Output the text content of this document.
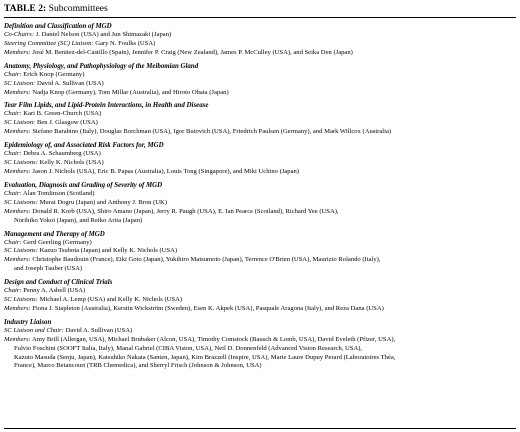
TABLE 2: Subcommittees
Definition and Classification of MGD
Co-Chairs: J. Daniel Nelson (USA) and Jun Shimazaki (Japan)
Steering Committee (SC) Liaison: Gary N. Foulks (USA)
Members: José M. Benitez-del-Castillo (Spain), Jennifer P. Craig (New Zealand), James P. McCulley (USA), and Seika Den (Japan)
Anatomy, Physiology, and Pathophysiology of the Meibomian Gland
Chair: Erich Knop (Germany)
SC Liaison: David A. Sullivan (USA)
Members: Nadja Knop (Germany), Tom Millar (Australia), and Hiroto Obata (Japan)
Tear Film Lipids, and Lipid-Protein Interactions, in Health and Disease
Chair: Kari B. Green-Church (USA)
SC Liaison: Ben J. Glasgow (USA)
Members: Stefano Barabino (Italy), Douglas Borchman (USA), Igor Butovich (USA), Friedrich Paulsen (Germany), and Mark Willcox (Australia)
Epidemiology of, and Associated Risk Factors for, MGD
Chair: Debra A. Schaumberg (USA)
SC Liaisons: Kelly K. Nichols (USA)
Members: Jason J. Nichols (USA), Eric B. Papas (Australia), Louis Tong (Singapore), and Miki Uchino (Japan)
Evaluation, Diagnosis and Grading of Severity of MGD
Chair: Alan Tomlinson (Scotland)
SC Liaisons: Murat Dogru (Japan) and Anthony J. Bron (UK)
Members: Donald R. Korb (USA), Shiro Amano (Japan), Jerry R. Paugh (USA), E. Ian Pearce (Scotland), Richard Yee (USA),
Norihiko Yokoi (Japan), and Reiko Arita (Japan)
Management and Therapy of MGD
Chair: Gerd Geerling (Germany)
SC Liaisons: Kazuo Tsubota (Japan) and Kelly K. Nichols (USA)
Members: Christophe Baudouin (France), Eiki Goto (Japan), Yukihiro Matsumoto (Japan), Terrence O'Brien (USA), Maurizio Rolando (Italy),
and Joseph Tauber (USA)
Design and Conduct of Clinical Trials
Chair: Penny A. Asbell (USA)
SC Liaisons: Michael A. Lemp (USA) and Kelly K. Nichols (USA)
Members: Fiona J. Stapleton (Australia), Kerstin Wickström (Sweden), Esen K. Akpek (USA), Pasquale Aragona (Italy), and Reza Dana (USA)
Industry Liaison
SC Liaison and Chair: David A. Sullivan (USA)
Members: Amy Brill (Allergan, USA), Michael Brubaker (Alcon, USA), Timothy Comstock (Bausch & Lomb, USA), David Eveleth (Pfizer, USA),
Fulvio Foschini (SOOFT Italia, Italy), Manal Gabriel (CIBA Vision, USA), Neil D. Donnenfeld (Advanced Vision Research, USA),
Kazuto Masuda (Senju, Japan), Katsuhiko Nakata (Santen, Japan), Kim Brazzell (Inspire, USA), Marie Laure Dupuy Perard (Laboratoires Théa,
France), Marco Betancourt (TRB Chemedica), and Sherryl Frisch (Johnson & Johnson, USA)
